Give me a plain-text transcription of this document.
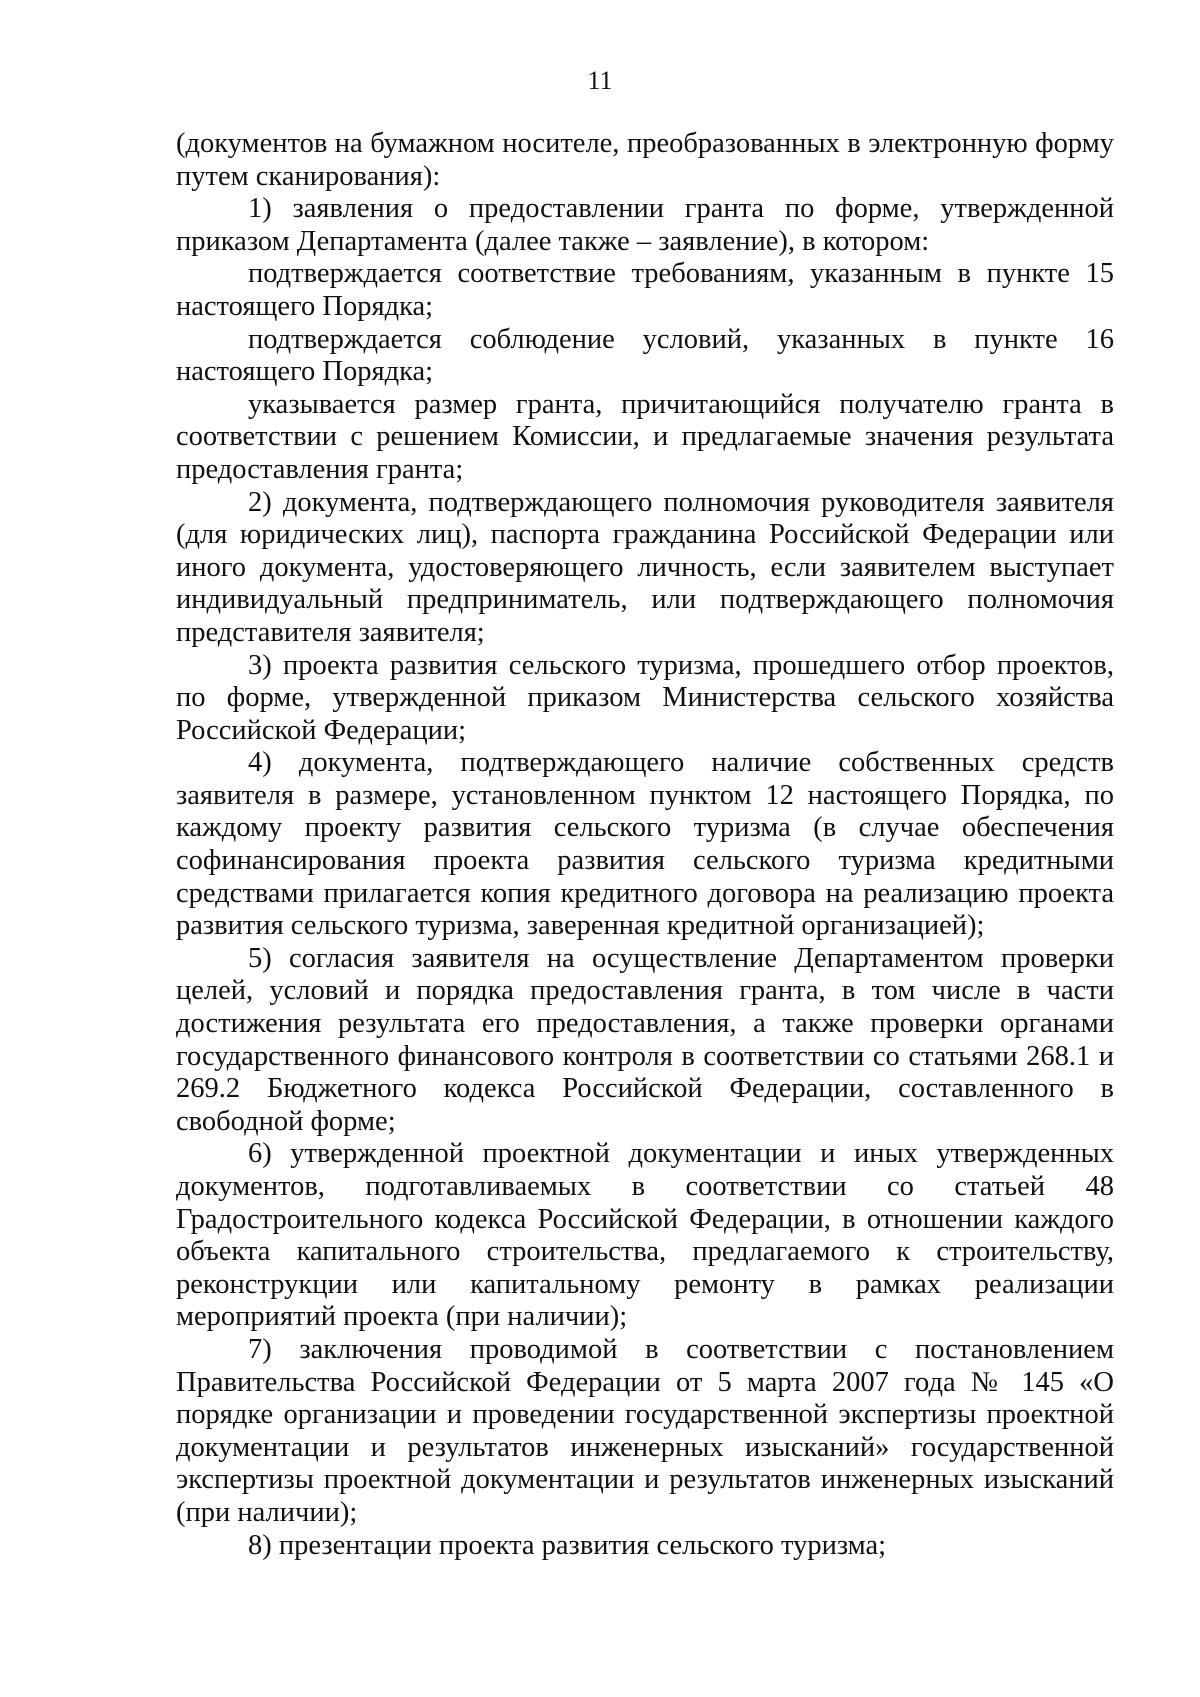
11

(документов на бумажном носителе, преобразованных в электронную форму путем сканирования):

1) заявления о предоставлении гранта по форме, утвержденной приказом Департамента (далее также – заявление), в котором:

подтверждается соответствие требованиям, указанным в пункте 15 настоящего Порядка;

подтверждается соблюдение условий, указанных в пункте 16 настоящего Порядка;

указывается размер гранта, причитающийся получателю гранта в соответствии с решением Комиссии, и предлагаемые значения результата предоставления гранта;

2) документа, подтверждающего полномочия руководителя заявителя (для юридических лиц), паспорта гражданина Российской Федерации или иного документа, удостоверяющего личность, если заявителем выступает индивидуальный предприниматель, или подтверждающего полномочия представителя заявителя;

3) проекта развития сельского туризма, прошедшего отбор проектов, по форме, утвержденной приказом Министерства сельского хозяйства Российской Федерации;

4) документа, подтверждающего наличие собственных средств заявителя в размере, установленном пунктом 12 настоящего Порядка, по каждому проекту развития сельского туризма (в случае обеспечения софинансирования проекта развития сельского туризма кредитными средствами прилагается копия кредитного договора на реализацию проекта развития сельского туризма, заверенная кредитной организацией);

5) согласия заявителя на осуществление Департаментом проверки целей, условий и порядка предоставления гранта, в том числе в части достижения результата его предоставления, а также проверки органами государственного финансового контроля в соответствии со статьями 268.1 и 269.2 Бюджетного кодекса Российской Федерации, составленного в свободной форме;

6) утвержденной проектной документации и иных утвержденных документов, подготавливаемых в соответствии со статьей 48 Градостроительного кодекса Российской Федерации, в отношении каждого объекта капитального строительства, предлагаемого к строительству, реконструкции или капитальному ремонту в рамках реализации мероприятий проекта (при наличии);

7) заключения проводимой в соответствии с постановлением Правительства Российской Федерации от 5 марта 2007 года № 145 «О порядке организации и проведении государственной экспертизы проектной документации и результатов инженерных изысканий» государственной экспертизы проектной документации и результатов инженерных изысканий (при наличии);

8) презентации проекта развития сельского туризма;
